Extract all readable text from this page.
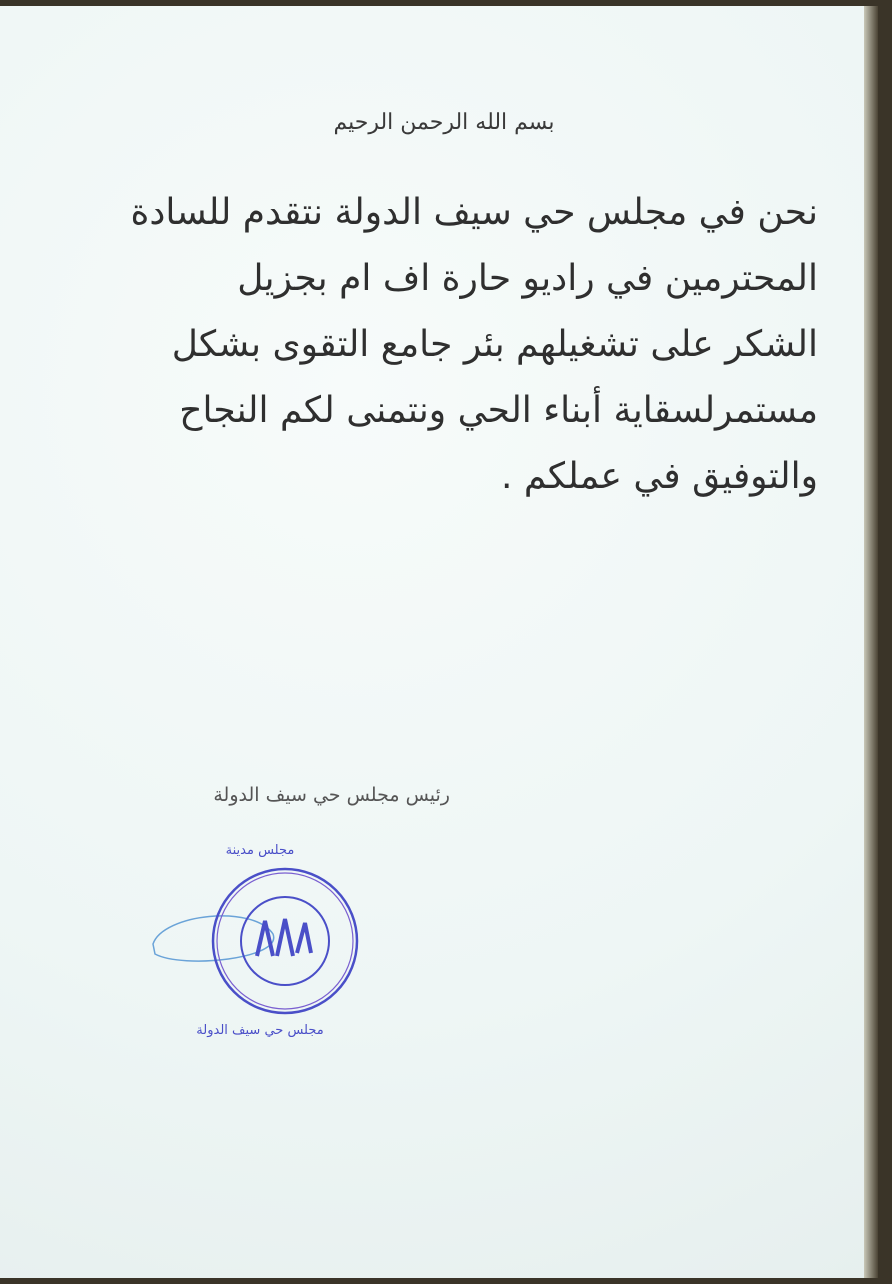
بسم الله الرحمن الرحيم
نحن في مجلس حي سيف الدولة نتقدم للسادة
المحترمين في راديو حارة اف ام بجزيل
الشكر على تشغيلهم بئر جامع التقوى بشكل
مستمرلسقاية أبناء الحي ونتمنى لكم النجاح
والتوفيق في عملكم .
رئيس مجلس حي سيف الدولة
مجلس مدينة
مجلس حي سيف الدولة
